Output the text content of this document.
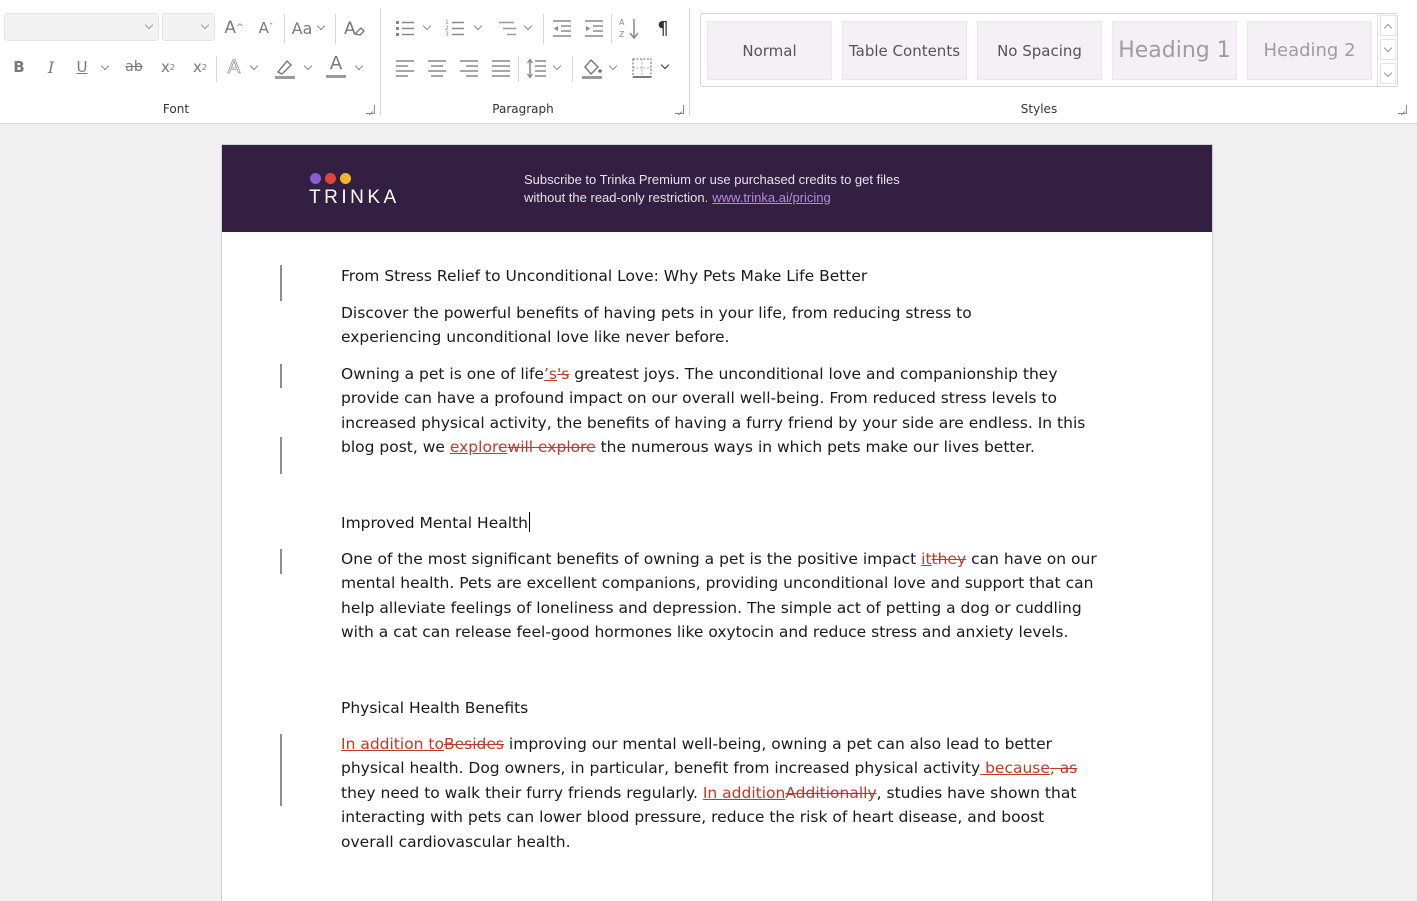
A ^ A ˇ Aa A
B I U	ab x 2 x 2 A	A
Font
1
2
3
A
Z ¶
Paragraph
Normal	Table Contents	No Spacing	Heading 1	Heading 2
Styles
TRINKA
Subscribe to Trinka Premium or use purchased credits to get files
without the read-only restriction. www.trinka.ai/pricing
From Stress Relief to Unconditional Love: Why Pets Make Life Better
Discover the powerful benefits of having pets in your life, from reducing stress to experiencing unconditional love like never before.
Owning a pet is one of life’s's greatest joys. The unconditional love and companionship they provide can have a profound impact on our overall well-being. From reduced stress levels to increased physical activity, the benefits of having a furry friend by your side are endless. In this blog post, we explorewill explore the numerous ways in which pets make our lives better.
Improved Mental Health
One of the most significant benefits of owning a pet is the positive impact itthey can have on our mental health. Pets are excellent companions, providing unconditional love and support that can help alleviate feelings of loneliness and depression. The simple act of petting a dog or cuddling with a cat can release feel-good hormones like oxytocin and reduce stress and anxiety levels.
Physical Health Benefits
In addition toBesides improving our mental well-being, owning a pet can also lead to better physical health. Dog owners, in particular, benefit from increased physical activity because, as they need to walk their furry friends regularly. In additionAdditionally, studies have shown that interacting with pets can lower blood pressure, reduce the risk of heart disease, and boost overall cardiovascular health.
